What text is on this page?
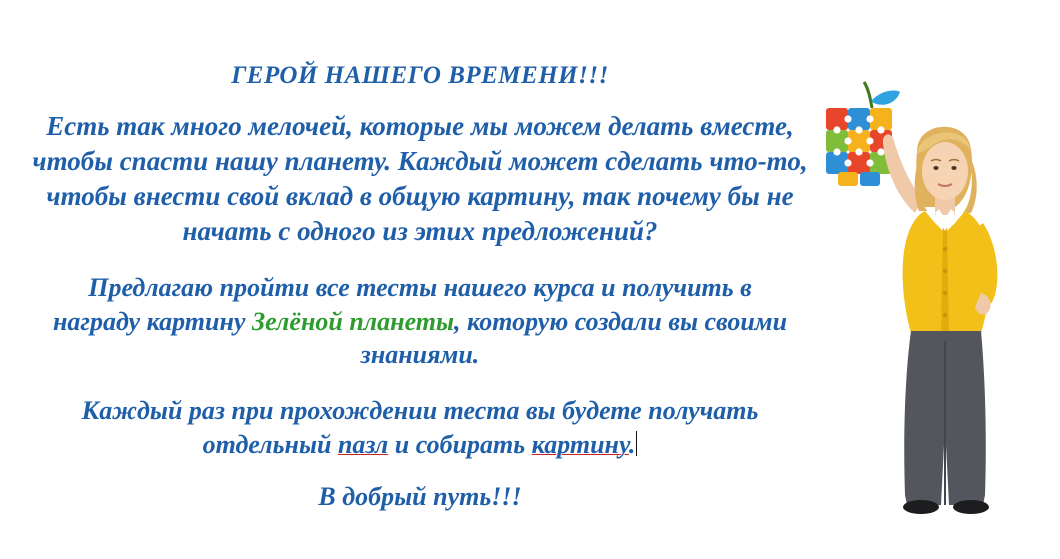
ГЕРОЙ НАШЕГО ВРЕМЕНИ!!!

Есть так много мелочей, которые мы можем делать вместе, чтобы спасти нашу планету. Каждый может сделать что-то, чтобы внести свой вклад в общую картину, так почему бы не начать с одного из этих предложений?

Предлагаю пройти все тесты нашего курса и получить в награду картину Зелёной планеты, которую создали вы своими знаниями.

Каждый раз при прохождении теста вы будете получать отдельный пазл и собирать картину.

В добрый путь!!!
